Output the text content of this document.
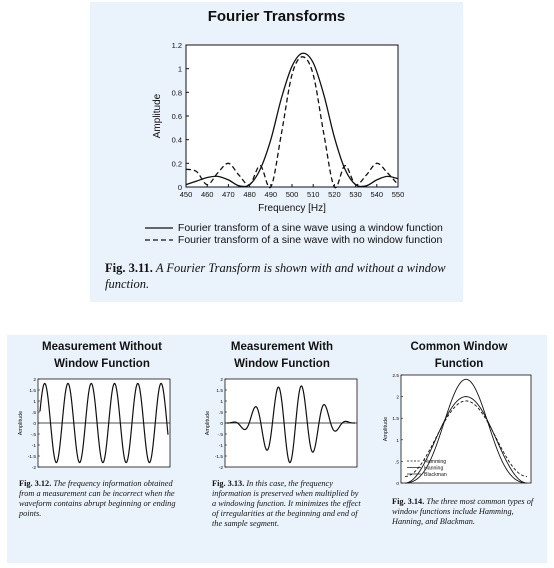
Fourier Transforms
450 460 470 480 490 500 510 520 530 540 550
0
0.2
0.4
0.6
0.8
1
1.2
Frequency [Hz]
Amplitude
Fourier transform of a sine wave using a window function
Fourier transform of a sine wave with no window function
Fig. 3.11. A Fourier Transform is shown with and without a window function.
Measurement Without
Window Function
-2
-1.5
-1
-.5
0
.5
1
1.5
2
Amplitude
Fig. 3.12. The frequency information obtained from a measurement can be incorrect when the waveform contains abrupt beginning or ending points.
Measurement With
Window Function
-2
-1.5
-1
-.5
0
.5
1
1.5
2
Amplitude
Fig. 3.13. In this case, the frequency information is preserved when multiplied by a windowing function. It minimizes the effect of irregularities at the beginning and end of the sample segment.
Common Window
Function
0
.5
1
1.5
2
2.5
Amplitude
Hamming
Hanning
Blackman
Fig. 3.14. The three most common types of window functions include Hamming, Hanning, and Blackman.
